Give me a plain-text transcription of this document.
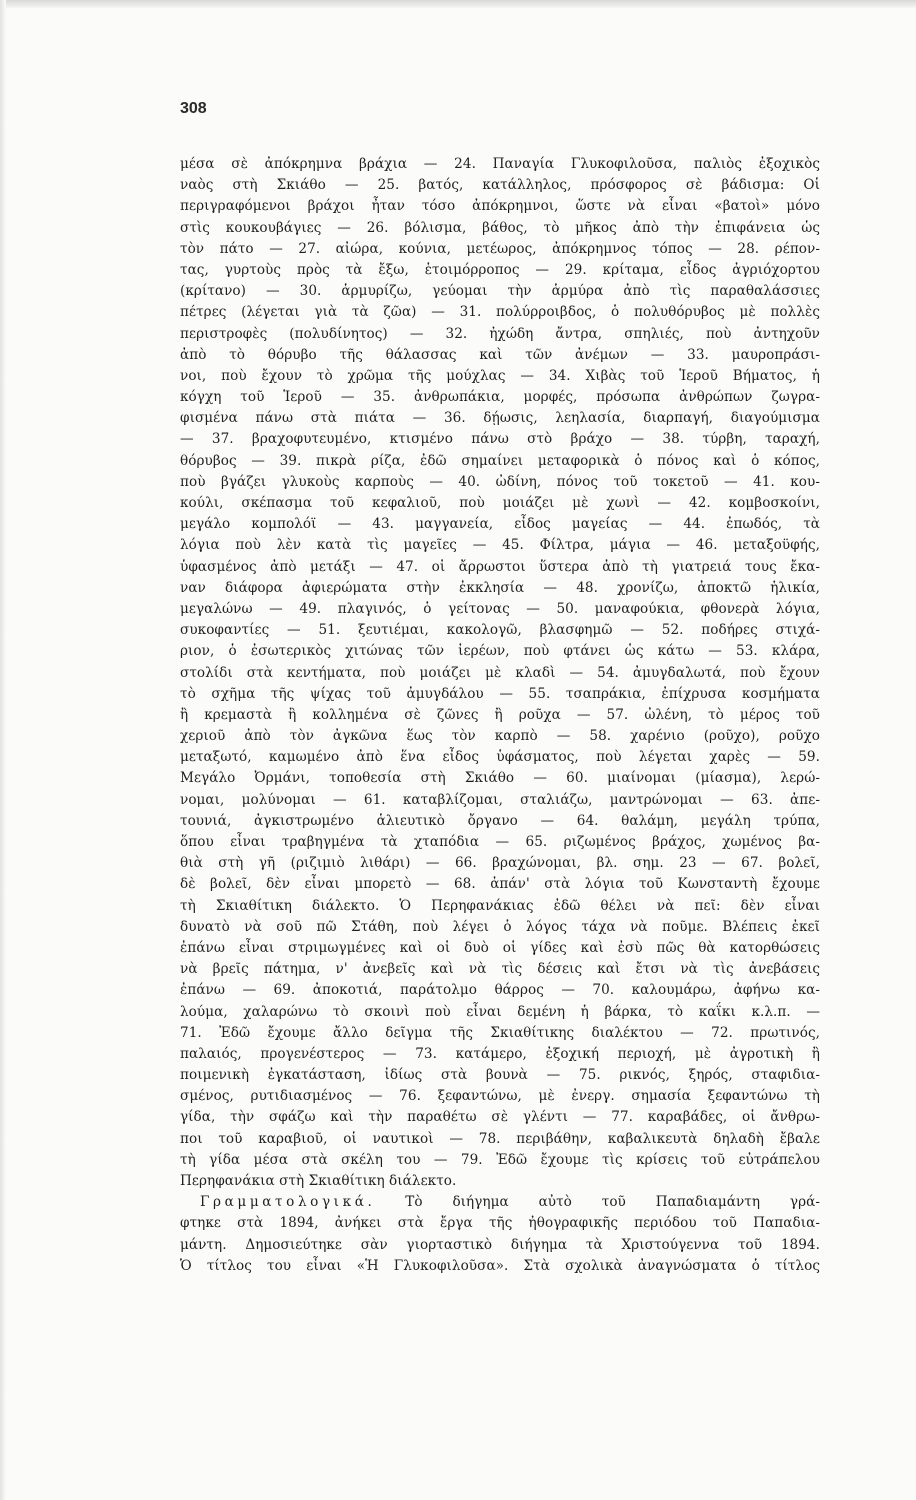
308
μέσα σὲ ἀπόκρημνα βράχια — 24. Παναγία Γλυκοφιλοῦσα, παλιὸς ἐξοχικὸς
ναὸς στὴ Σκιάθο — 25. βατός, κατάλληλος, πρόσφορος σὲ βάδισμα: Οἱ
περιγραφόμενοι βράχοι ἦταν τόσο ἀπόκρημνοι, ὥστε νὰ εἶναι «βατοὶ» μόνο
στὶς κουκουβάγιες — 26. βόλισμα, βάθος, τὸ μῆκος ἀπὸ τὴν ἐπιφάνεια ὡς
τὸν πάτο — 27. αἰώρα, κούνια, μετέωρος, ἀπόκρημνος τόπος — 28. ρέπον-
τας, γυρτοὺς πρὸς τὰ ἔξω, ἑτοιμόρροπος — 29. κρίταμα, εἶδος ἀγριόχορτου
(κρίτανο) — 30. ἁρμυρίζω, γεύομαι τὴν ἁρμύρα ἀπὸ τὶς παραθαλάσσιες
πέτρες (λέγεται γιὰ τὰ ζῶα) — 31. πολύρροιβδος, ὁ πολυθόρυβος μὲ πολλὲς
περιστροφὲς (πολυδίνητος) — 32. ἠχώδη ἄντρα, σπηλιές, ποὺ ἀντηχοῦν
ἀπὸ τὸ θόρυβο τῆς θάλασσας καὶ τῶν ἀνέμων — 33. μαυροπράσι-
νοι, ποὺ ἔχουν τὸ χρῶμα τῆς μούχλας — 34. Χιβὰς τοῦ Ἱεροῦ Βήματος, ἡ
κόγχη τοῦ Ἱεροῦ — 35. ἀνθρωπάκια, μορφές, πρόσωπα ἀνθρώπων ζωγρα-
φισμένα πάνω στὰ πιάτα — 36. δῄωσις, λεηλασία, διαρπαγή, διαγούμισμα
— 37. βραχοφυτευμένο, κτισμένο πάνω στὸ βράχο — 38. τύρβη, ταραχή,
θόρυβος — 39. πικρὰ ρίζα, ἐδῶ σημαίνει μεταφορικὰ ὁ πόνος καὶ ὁ κόπος,
ποὺ βγάζει γλυκοὺς καρποὺς — 40. ὠδίνη, πόνος τοῦ τοκετοῦ — 41. κου-
κούλι, σκέπασμα τοῦ κεφαλιοῦ, ποὺ μοιάζει μὲ χωνὶ — 42. κομβοσκοίνι,
μεγάλο κομπολόϊ — 43. μαγγανεία, εἶδος μαγείας — 44. ἐπωδός, τὰ
λόγια ποὺ λὲν κατὰ τὶς μαγεῖες — 45. Φίλτρα, μάγια — 46. μεταξοϋφής,
ὑφασμένος ἀπὸ μετάξι — 47. οἱ ἄρρωστοι ὕστερα ἀπὸ τὴ γιατρειά τους ἔκα-
ναν διάφορα ἀφιερώματα στὴν ἐκκλησία — 48. χρονίζω, ἀποκτῶ ἡλικία,
μεγαλώνω — 49. πλαγινός, ὁ γείτονας — 50. μαναφούκια, φθονερὰ λόγια,
συκοφαντίες — 51. ξευτιέμαι, κακολογῶ, βλασφημῶ — 52. ποδήρες στιχά-
ριον, ὁ ἐσωτερικὸς χιτώνας τῶν ἱερέων, ποὺ φτάνει ὡς κάτω — 53. κλάρα,
στολίδι στὰ κεντήματα, ποὺ μοιάζει μὲ κλαδὶ — 54. ἀμυγδαλωτά, ποὺ ἔχουν
τὸ σχῆμα τῆς ψίχας τοῦ ἀμυγδάλου — 55. τσαπράκια, ἐπίχρυσα κοσμήματα
ἢ κρεμαστὰ ἢ κολλημένα σὲ ζῶνες ἢ ροῦχα — 57. ὠλένη, τὸ μέρος τοῦ
χεριοῦ ἀπὸ τὸν ἀγκῶνα ἕως τὸν καρπὸ — 58. χαρένιο (ροῦχο), ροῦχο
μεταξωτό, καμωμένο ἀπὸ ἕνα εἶδος ὑφάσματος, ποὺ λέγεται χαρὲς — 59.
Μεγάλο Ὀρμάνι, τοποθεσία στὴ Σκιάθο — 60. μιαίνομαι (μίασμα), λερώ-
νομαι, μολύνομαι — 61. καταβλίζομαι, σταλιάζω, μαντρώνομαι — 63. ἀπε-
τουνιά, ἀγκιστρωμένο ἁλιευτικὸ ὄργανο — 64. θαλάμη, μεγάλη τρύπα,
ὅπου εἶναι τραβηγμένα τὰ χταπόδια — 65. ριζωμένος βράχος, χωμένος βα-
θιὰ στὴ γῆ (ριζιμιὸ λιθάρι) — 66. βραχώνομαι, βλ. σημ. 23 — 67. βολεῖ,
δὲ βολεῖ, δὲν εἶναι μπορετὸ — 68. ἀπάν' στὰ λόγια τοῦ Κωνσταντὴ ἔχουμε
τὴ Σκιαθίτικη διάλεκτο. Ὁ Περηφανάκιας ἐδῶ θέλει νὰ πεῖ: δὲν εἶναι
δυνατὸ νὰ σοῦ πῶ Στάθη, ποὺ λέγει ὁ λόγος τάχα νὰ ποῦμε. Βλέπεις ἐκεῖ
ἐπάνω εἶναι στριμωγμένες καὶ οἱ δυὸ οἱ γίδες καὶ ἐσὺ πῶς θὰ κατορθώσεις
νὰ βρεῖς πάτημα, ν' ἀνεβεῖς καὶ νὰ τὶς δέσεις καὶ ἔτσι νὰ τὶς ἀνεβάσεις
ἐπάνω — 69. ἀποκοτιά, παράτολμο θάρρος — 70. καλουμάρω, ἀφήνω κα-
λούμα, χαλαρώνω τὸ σκοινὶ ποὺ εἶναι δεμένη ἡ βάρκα, τὸ καΐκι κ.λ.π. —
71. Ἐδῶ ἔχουμε ἄλλο δεῖγμα τῆς Σκιαθίτικης διαλέκτου — 72. πρωτινός,
παλαιός, προγενέστερος — 73. κατάμερο, ἐξοχική περιοχή, μὲ ἀγροτικὴ ἢ
ποιμενικὴ ἐγκατάσταση, ἰδίως στὰ βουνὰ — 75. ρικνός, ξηρός, σταφιδια-
σμένος, ρυτιδιασμένος — 76. ξεφαντώνω, μὲ ἐνεργ. σημασία ξεφαντώνω τὴ
γίδα, τὴν σφάζω καὶ τὴν παραθέτω σὲ γλέντι — 77. καραβάδες, οἱ ἄνθρω-
ποι τοῦ καραβιοῦ, οἱ ναυτικοὶ — 78. περιβάθην, καβαλικευτὰ δηλαδὴ ἔβαλε
τὴ γίδα μέσα στὰ σκέλη του — 79. Ἐδῶ ἔχουμε τὶς κρίσεις τοῦ εὐτράπελου
Περηφανάκια στὴ Σκιαθίτικη διάλεκτο.
Γραμματολογικά. Τὸ διήγημα αὐτὸ τοῦ Παπαδιαμάντη γρά-
φτηκε στὰ 1894, ἀνήκει στὰ ἔργα τῆς ἠθογραφικῆς περιόδου τοῦ Παπαδια-
μάντη. Δημοσιεύτηκε σὰν γιορταστικὸ διήγημα τὰ Χριστούγεννα τοῦ 1894.
Ὁ τίτλος του εἶναι «Ἡ Γλυκοφιλοῦσα». Στὰ σχολικὰ ἀναγνώσματα ὁ τίτλος
